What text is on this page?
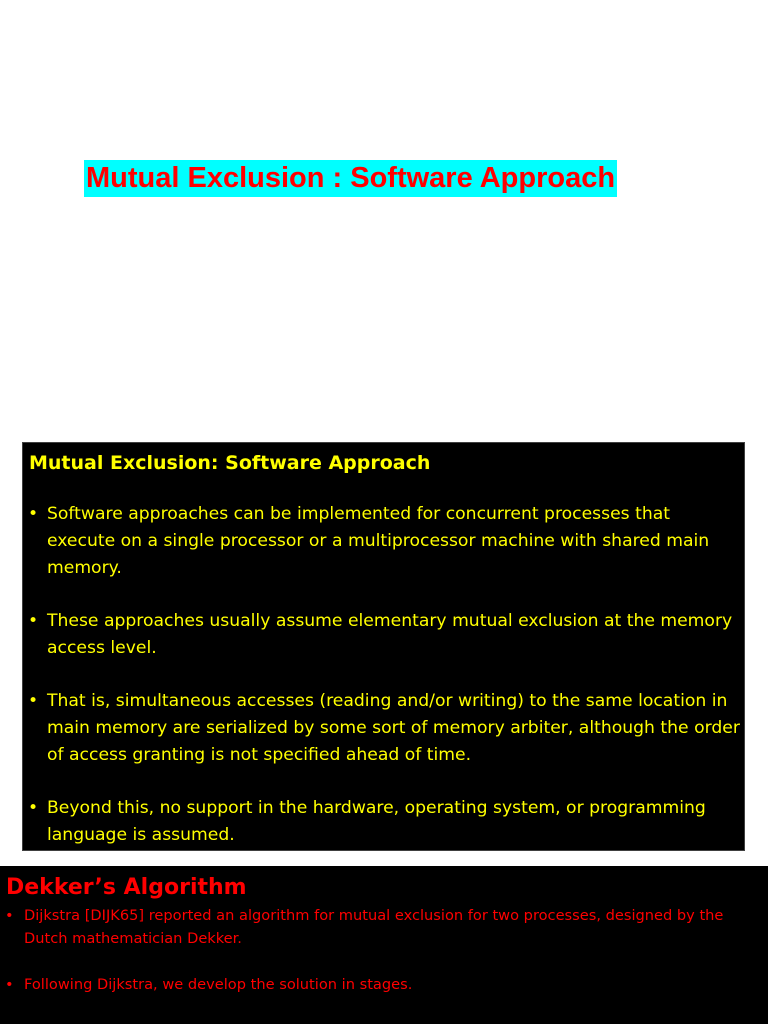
Mutual Exclusion : Software Approach
Mutual Exclusion: Software Approach
• Software approaches can be implemented for concurrent processes that execute on a single processor or a multiprocessor machine with shared main memory.
• These approaches usually assume elementary mutual exclusion at the memory access level.
• That is, simultaneous accesses (reading and/or writing) to the same location in main memory are serialized by some sort of memory arbiter, although the order of access granting is not specified ahead of time.
• Beyond this, no support in the hardware, operating system, or programming language is assumed.
Dekker’s Algorithm
• Dijkstra [DIJK65] reported an algorithm for mutual exclusion for two processes, designed by the Dutch mathematician Dekker.
• Following Dijkstra, we develop the solution in stages.
